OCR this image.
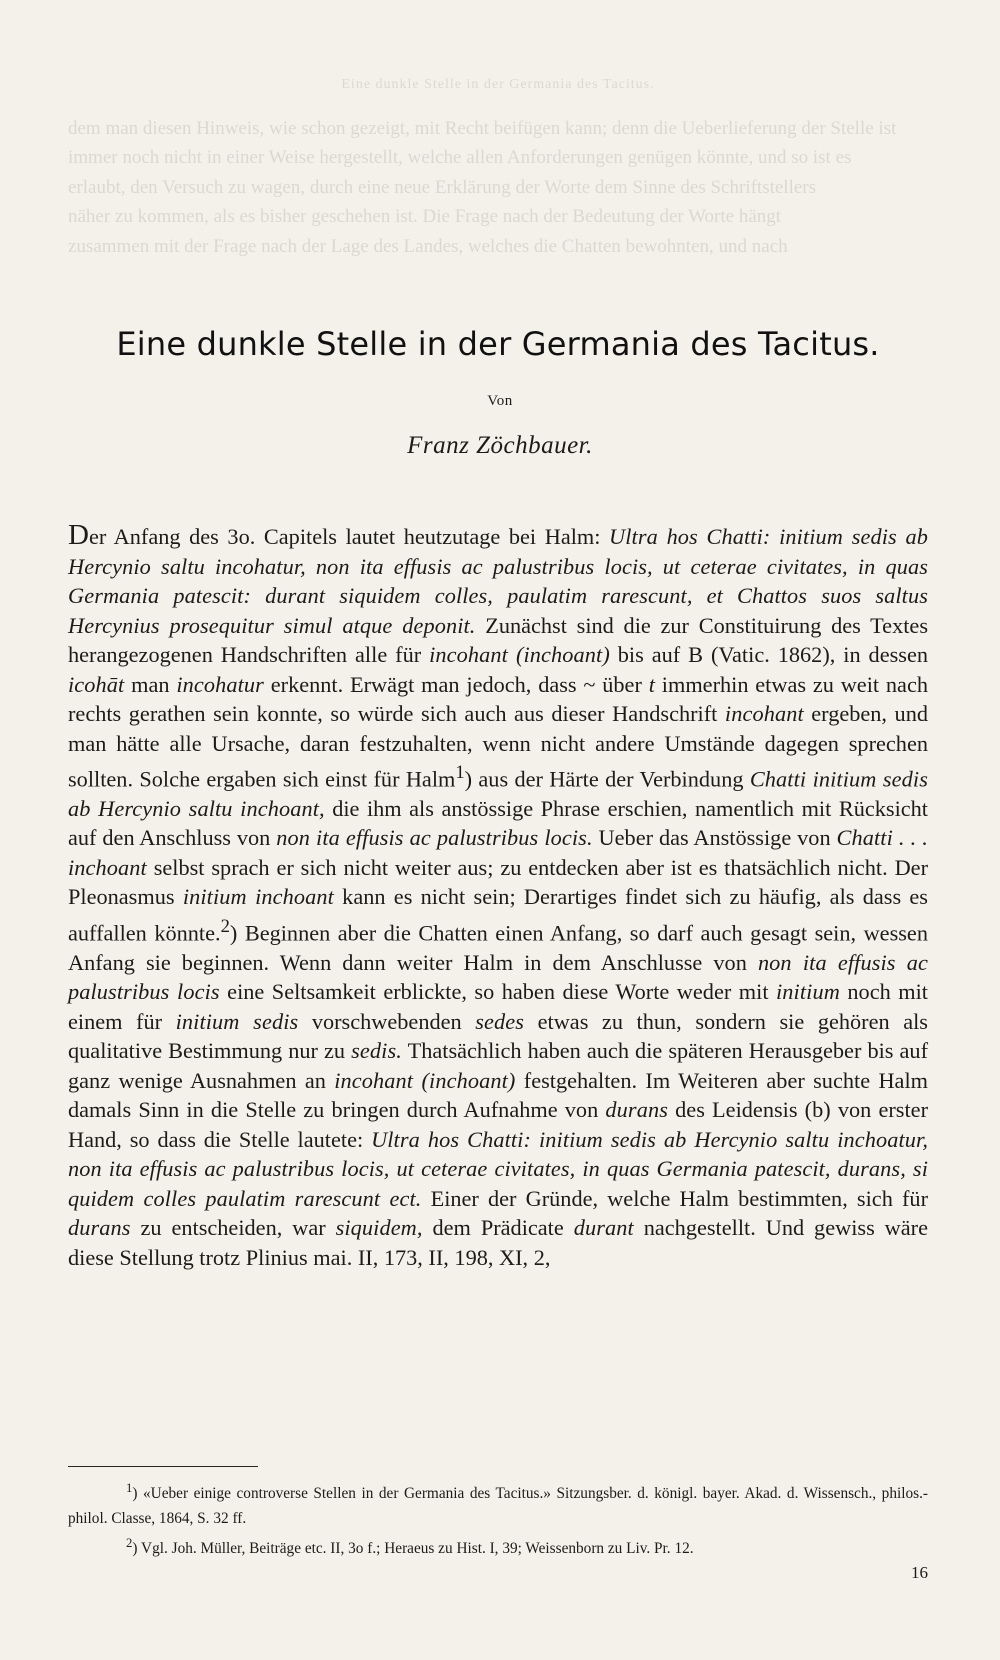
Eine dunkle Stelle in der Germania des Tacitus.
dem man diesen Hinweis, wie schon gezeigt, mit Recht beifügen kann; denn die Ueberlieferung der Stelle ist
immer noch nicht in einer Weise hergestellt, welche allen Anforderungen genügen könnte, und so ist es
erlaubt, den Versuch zu wagen, durch eine neue Erklärung der Worte dem Sinne des Schriftstellers
näher zu kommen, als es bisher geschehen ist. Die Frage nach der Bedeutung der Worte hängt
zusammen mit der Frage nach der Lage des Landes, welches die Chatten bewohnten, und nach
Eine dunkle Stelle in der Germania des Tacitus.
Von
Franz Zöchbauer.

Der Anfang des 3o. Capitels lautet heutzutage bei Halm: Ultra hos Chatti: initium sedis ab Hercynio saltu incohatur, non ita effusis ac palustribus locis, ut ceterae civitates, in quas Germania patescit: durant siquidem colles, paulatim rarescunt, et Chattos suos saltus Hercynius prosequitur simul atque deponit. Zunächst sind die zur Constituirung des Textes herangezogenen Handschriften alle für incohant (inchoant) bis auf B (Vatic. 1862), in dessen icohāt man incohatur erkennt. Erwägt man jedoch, dass ~ über t immerhin etwas zu weit nach rechts gerathen sein konnte, so würde sich auch aus dieser Handschrift incohant ergeben, und man hätte alle Ursache, daran festzuhalten, wenn nicht andere Umstände dagegen sprechen sollten. Solche ergaben sich einst für Halm$^1$) aus der Härte der Verbindung Chatti initium sedis ab Hercynio saltu inchoant, die ihm als anstössige Phrase erschien, namentlich mit Rücksicht auf den Anschluss von non ita effusis ac palustribus locis. Ueber das Anstössige von Chatti . . . inchoant selbst sprach er sich nicht weiter aus; zu entdecken aber ist es thatsächlich nicht. Der Pleonasmus initium inchoant kann es nicht sein; Derartiges findet sich zu häufig, als dass es auffallen könnte.$^2$) Beginnen aber die Chatten einen Anfang, so darf auch gesagt sein, wessen Anfang sie beginnen. Wenn dann weiter Halm in dem Anschlusse von non ita effusis ac palustribus locis eine Seltsamkeit erblickte, so haben diese Worte weder mit initium noch mit einem für initium sedis vorschwebenden sedes etwas zu thun, sondern sie gehören als qualitative Bestimmung nur zu sedis. Thatsächlich haben auch die späteren Herausgeber bis auf ganz wenige Ausnahmen an incohant (inchoant) festgehalten. Im Weiteren aber suchte Halm damals Sinn in die Stelle zu bringen durch Aufnahme von durans des Leidensis (b) von erster Hand, so dass die Stelle lautete: Ultra hos Chatti: initium sedis ab Hercynio saltu inchoatur, non ita effusis ac palustribus locis, ut ceterae civitates, in quas Germania patescit, durans, si quidem colles paulatim rarescunt ect. Einer der Gründe, welche Halm bestimmten, sich für durans zu entscheiden, war siquidem, dem Prädicate durant nachgestellt. Und gewiss wäre diese Stellung trotz Plinius mai. II, 173, II, 198, XI, 2,

$^1$) «Ueber einige controverse Stellen in der Germania des Tacitus.» Sitzungsber. d. königl. bayer. Akad. d. Wissensch., philos.-philol. Classe, 1864, S. 32 ff.

$^2$) Vgl. Joh. Müller, Beiträge etc. II, 3o f.; Heraeus zu Hist. I, 39; Weissenborn zu Liv. Pr. 12.

16
